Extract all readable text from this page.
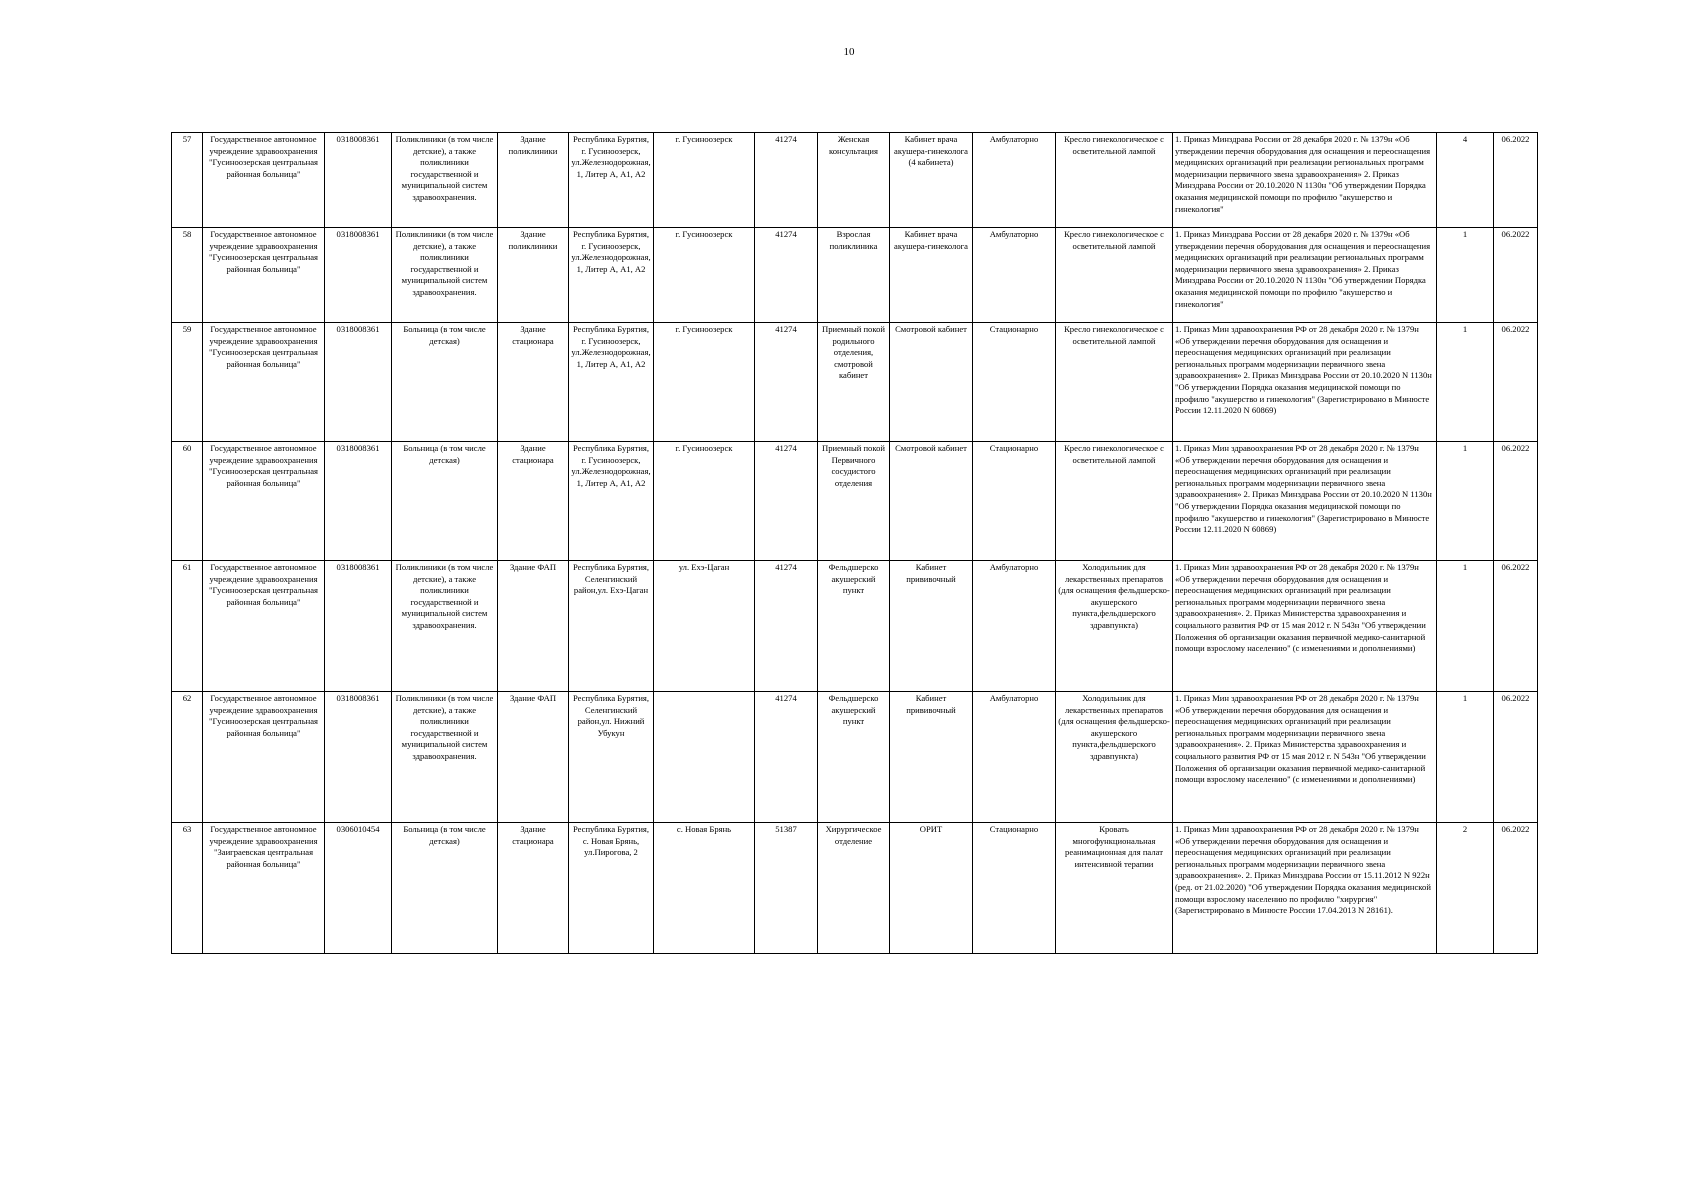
10
57	Государственное автономное учреждение здравоохранения "Гусиноозерская центральная районная больница"	0318008361	Поликлиники (в том числе детские), а также поликлиники государственной и муниципальной систем здравоохранения.	Здание поликлиники	Республика Бурятия, г. Гусиноозерск, ул.Железнодорожная, 1, Литер А, А1, А2	г. Гусиноозерск	41274	Женская консультация	Кабинет врача акушера-гинеколога (4 кабинета)	Амбулаторно	Кресло гинекологическое с осветительной лампой	1. Приказ Минздрава России от 28 декабря 2020 г. № 1379н «Об утверждении перечня оборудования для оснащения и переоснащения медицинских организаций при реализации региональных программ модернизации первичного звена здравоохранения» 2. Приказ Минздрава России от 20.10.2020 N 1130н "Об утверждении Порядка оказания медицинской помощи по профилю "акушерство и гинекология"	4	06.2022
58	Государственное автономное учреждение здравоохранения "Гусиноозерская центральная районная больница"	0318008361	Поликлиники (в том числе детские), а также поликлиники государственной и муниципальной систем здравоохранения.	Здание поликлиники	Республика Бурятия, г. Гусиноозерск, ул.Железнодорожная, 1, Литер А, А1, А2	г. Гусиноозерск	41274	Взрослая поликлиника	Кабинет врача акушера-гинеколога	Амбулаторно	Кресло гинекологическое с осветительной лампой	1. Приказ Минздрава России от 28 декабря 2020 г. № 1379н «Об утверждении перечня оборудования для оснащения и переоснащения медицинских организаций при реализации региональных программ модернизации первичного звена здравоохранения» 2. Приказ Минздрава России от 20.10.2020 N 1130н "Об утверждении Порядка оказания медицинской помощи по профилю "акушерство и гинекология"	1	06.2022
59	Государственное автономное учреждение здравоохранения "Гусиноозерская центральная районная больница"	0318008361	Больница (в том числе детская)	Здание стационара	Республика Бурятия, г. Гусиноозерск, ул.Железнодорожная, 1, Литер А, А1, А2	г. Гусиноозерск	41274	Приемный покой родильного отделения, смотровой кабинет	Смотровой кабинет	Стационарно	Кресло гинекологическое с осветительной лампой	1. Приказ Мин здравоохранения РФ от 28 декабря 2020 г. № 1379н «Об утверждении перечня оборудования для оснащения и переоснащения медицинских организаций при реализации региональных программ модернизации первичного звена здравоохранения» 2. Приказ Минздрава России от 20.10.2020 N 1130н "Об утверждении Порядка оказания медицинской помощи по профилю "акушерство и гинекология" (Зарегистрировано в Минюсте России 12.11.2020 N 60869)	1	06.2022
60	Государственное автономное учреждение здравоохранения "Гусиноозерская центральная районная больница"	0318008361	Больница (в том числе детская)	Здание стационара	Республика Бурятия, г. Гусиноозерск, ул.Железнодорожная, 1, Литер А, А1, А2	г. Гусиноозерск	41274	Приемный покой Первичного сосудистого отделения	Смотровой кабинет	Стационарно	Кресло гинекологическое с осветительной лампой	1. Приказ Мин здравоохранения РФ от 28 декабря 2020 г. № 1379н «Об утверждении перечня оборудования для оснащения и переоснащения медицинских организаций при реализации региональных программ модернизации первичного звена здравоохранения» 2. Приказ Минздрава России от 20.10.2020 N 1130н "Об утверждении Порядка оказания медицинской помощи по профилю "акушерство и гинекология" (Зарегистрировано в Минюсте России 12.11.2020 N 60869)	1	06.2022
61	Государственное автономное учреждение здравоохранения "Гусиноозерская центральная районная больница"	0318008361	Поликлиники (в том числе детские), а также поликлиники государственной и муниципальной систем здравоохранения.	Здание ФАП	Республика Бурятия, Селенгинский район,ул. Ехэ-Цаган	ул. Ехэ-Цаган	41274	Фельдшерско акушерский пункт	Кабинет прививочный	Амбулаторно	Холодильник для лекарственных препаратов (для оснащения фельдшерско-акушерского пункта,фельдшерского здравпункта)	1. Приказ Мин здравоохранения РФ от 28 декабря 2020 г. № 1379н «Об утверждении перечня оборудования для оснащения и переоснащения медицинских организаций при реализации региональных программ модернизации первичного звена здравоохранения». 2. Приказ Министерства здравоохранения и социального развития РФ от 15 мая 2012 г. N 543н "Об утверждении Положения об организации оказания первичной медико-санитарной помощи взрослому населению" (с изменениями и дополнениями)	1	06.2022
62	Государственное автономное учреждение здравоохранения "Гусиноозерская центральная районная больница"	0318008361	Поликлиники (в том числе детские), а также поликлиники государственной и муниципальной систем здравоохранения.	Здание ФАП	Республика Бурятия, Селенгинский район,ул. Нижний Убукун		41274	Фельдшерско акушерский пункт	Кабинет прививочный	Амбулаторно	Холодильник для лекарственных препаратов (для оснащения фельдшерско-акушерского пункта,фельдшерского здравпункта)	1. Приказ Мин здравоохранения РФ от 28 декабря 2020 г. № 1379н «Об утверждении перечня оборудования для оснащения и переоснащения медицинских организаций при реализации региональных программ модернизации первичного звена здравоохранения». 2. Приказ Министерства здравоохранения и социального развития РФ от 15 мая 2012 г. N 543н "Об утверждении Положения об организации оказания первичной медико-санитарной помощи взрослому населению" (с изменениями и дополнениями)	1	06.2022
63	Государственное автономное учреждение здравоохранения "Заиграевская центральная районная больница"	0306010454	Больница (в том числе детская)	Здание стационара	Республика Бурятия, с. Новая Брянь, ул.Пирогова, 2	с. Новая Брянь	51387	Хирургическое отделение	ОРИТ	Стационарно	Кровать многофункциональная реанимационная для палат интенсивной терапии	1. Приказ Мин здравоохранения РФ от 28 декабря 2020 г. № 1379н «Об утверждении перечня оборудования для оснащения и переоснащения медицинских организаций при реализации региональных программ модернизации первичного звена здравоохранения». 2. Приказ Минздрава России от 15.11.2012 N 922н (ред. от 21.02.2020) "Об утверждении Порядка оказания медицинской помощи взрослому населению по профилю "хирургия" (Зарегистрировано в Минюсте России 17.04.2013 N 28161).	2	06.2022
